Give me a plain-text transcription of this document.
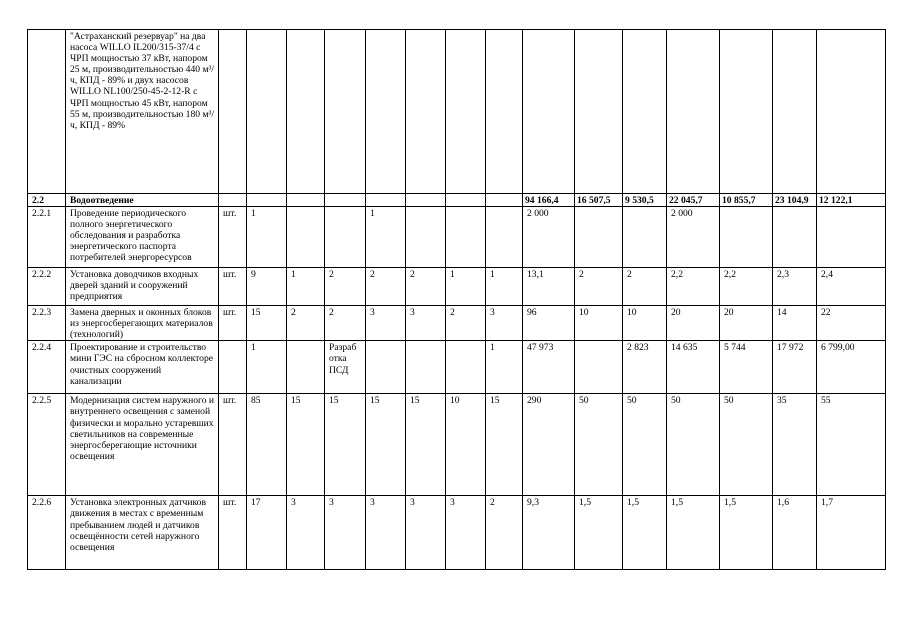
	"Астраханский резервуар" на два насоса WILLO IL200/315-37/4 с ЧРП мощностью 37 кВт, напором 25 м, производительностью 440 м³/ч, КПД - 89% и двух насосов WILLO NL100/250-45-2-12-R с ЧРП мощностью 45 кВт, напором 55 м, производительностью 180 м³/ч, КПД - 89%															
2.2	Водоотведение									94 166,4	16 507,5	9 530,5	22 045,7	10 855,7	23 104,9	12 122,1
2.2.1	Проведение периодического полного энергетического обследования и разработка энергетического паспорта потребителей энергоресурсов	шт.	1			1				2 000			2 000			
2.2.2	Установка доводчиков входных дверей зданий и сооружений предприятия	шт.	9	1	2	2	2	1	1	13,1	2	2	2,2	2,2	2,3	2,4
2.2.3	Замена дверных и оконных блоков из энергосберегающих материалов (технологий)	шт.	15	2	2	3	3	2	3	96	10	10	20	20	14	22
2.2.4	Проектирование и строительство мини ГЭС на сбросном коллекторе очистных сооружений канализации		1		Разраб отка ПСД				1	47 973		2 823	14 635	5 744	17 972	6 799,00
2.2.5	Модернизация систем наружного и внутреннего освещения с заменой физически и морально устаревших светильников на современные энергосберегающие источники освещения	шт.	85	15	15	15	15	10	15	290	50	50	50	50	35	55
2.2.6	Установка электронных датчиков движения в местах с временным пребыванием людей и датчиков освещённости сетей наружного освещения	шт.	17	3	3	3	3	3	2	9,3	1,5	1,5	1,5	1,5	1,6	1,7
